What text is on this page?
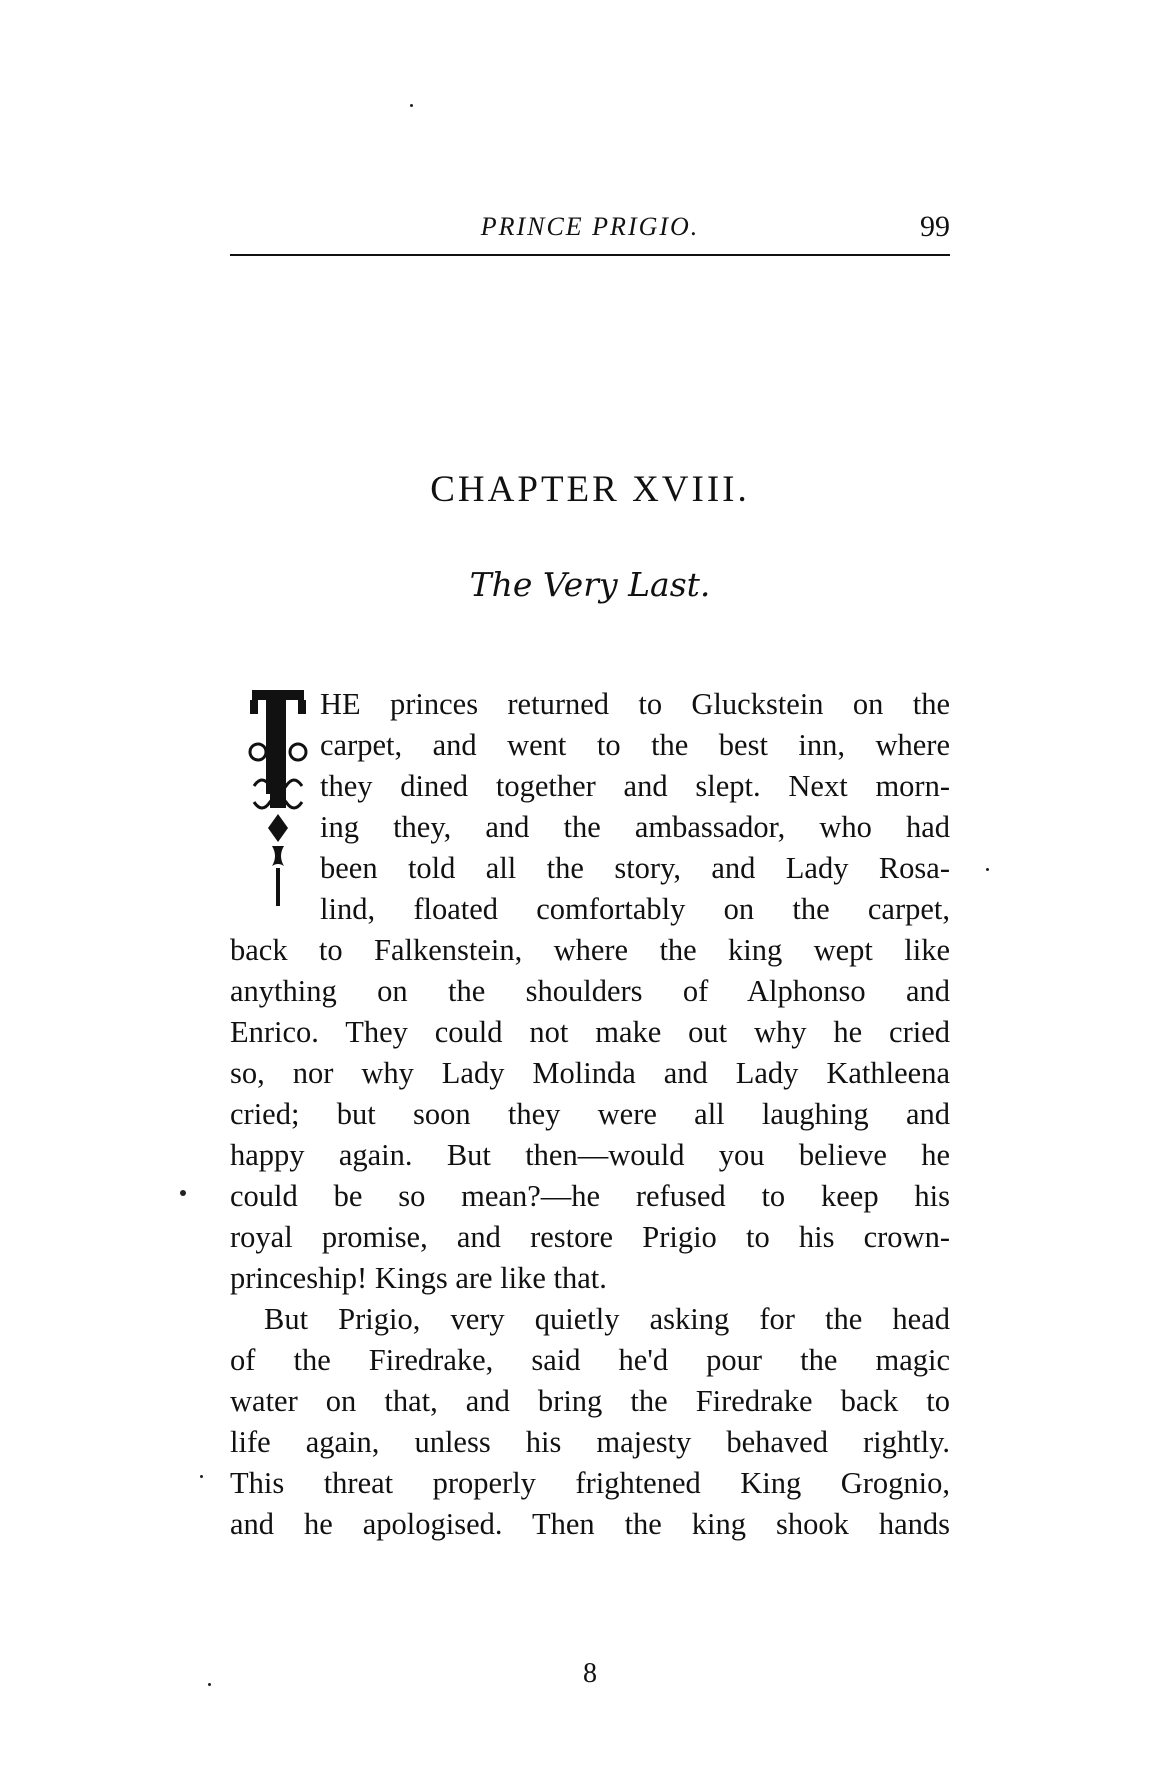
PRINCE PRIGIO.	99
CHAPTER XVIII.
The Very Last.
HE princes returned to Gluckstein on the
carpet, and went to the best inn, where
they dined together and slept. Next morn-
ing they, and the ambassador, who had
been told all the story, and Lady Rosa-
lind, floated comfortably on the carpet,
back to Falkenstein, where the king wept like
anything on the shoulders of Alphonso and
Enrico. They could not make out why he cried
so, nor why Lady Molinda and Lady Kathleena
cried; but soon they were all laughing and
happy again. But then—would you believe he
could be so mean?—he refused to keep his
royal promise, and restore Prigio to his crown-
princeship! Kings are like that.
But Prigio, very quietly asking for the head
of the Firedrake, said he'd pour the magic
water on that, and bring the Firedrake back to
life again, unless his majesty behaved rightly.
This threat properly frightened King Grognio,
and he apologised. Then the king shook hands
8
